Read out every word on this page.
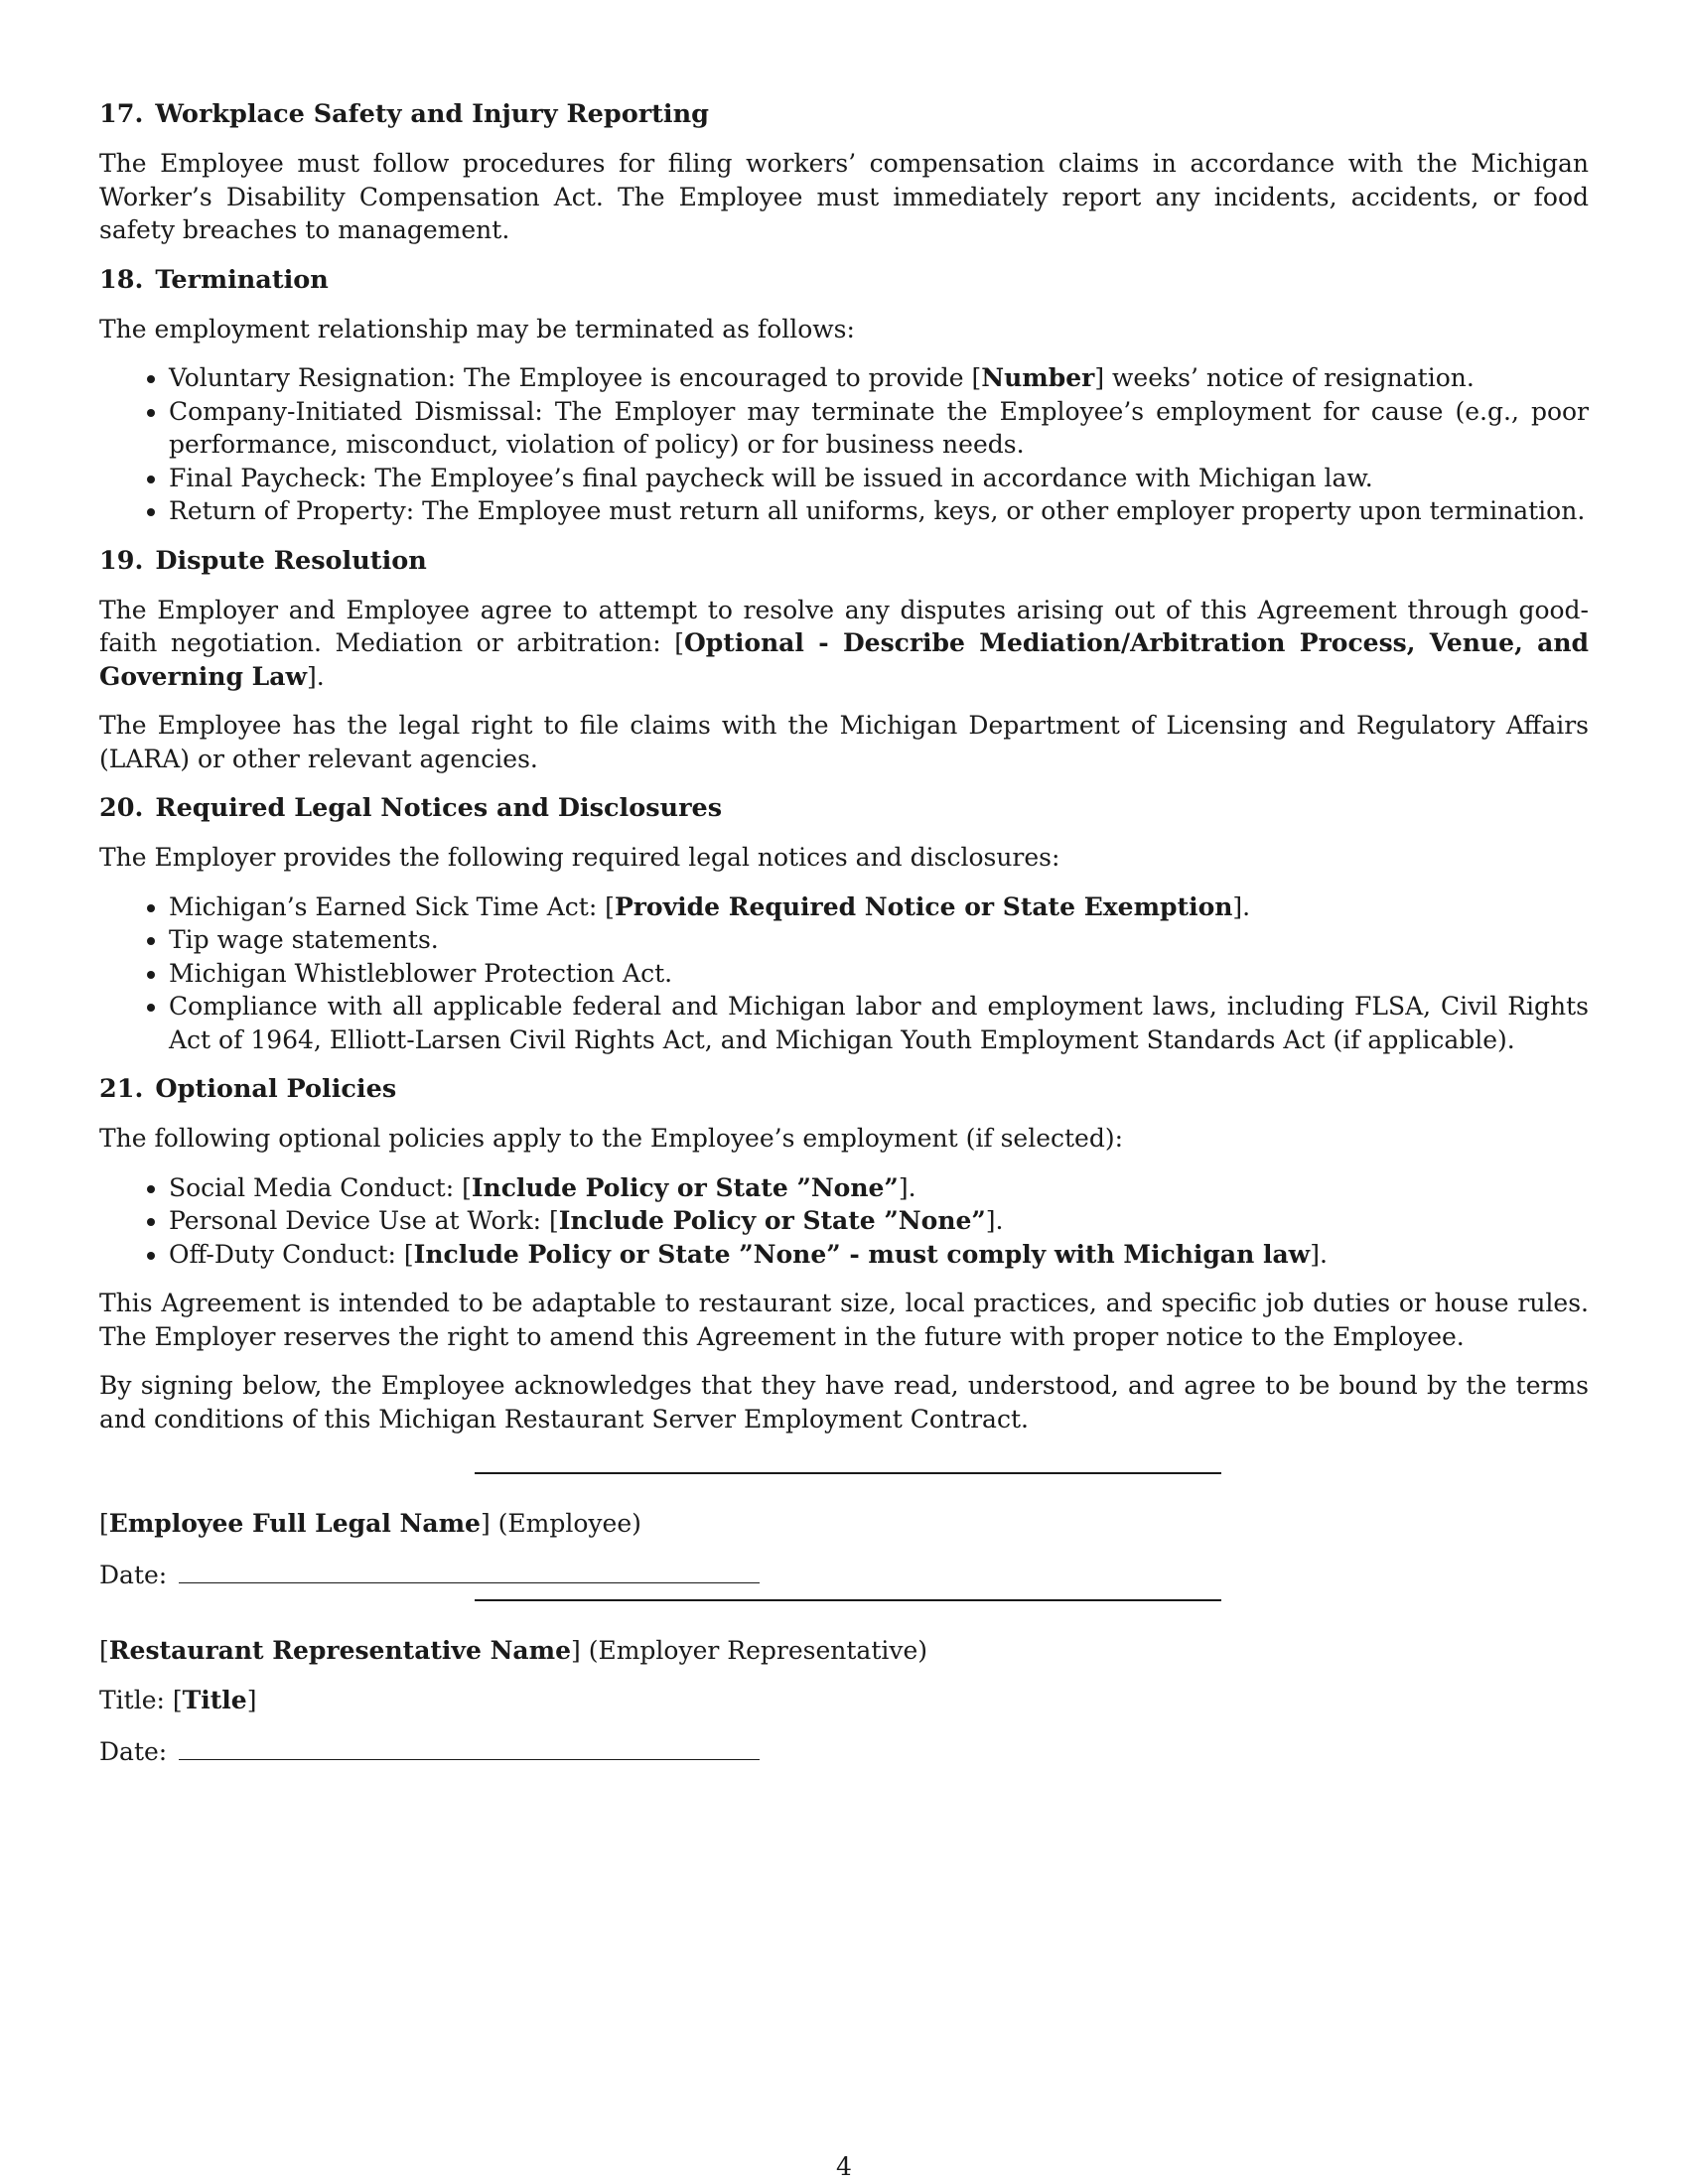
17. Workplace Safety and Injury Reporting

The Employee must follow procedures for filing workers’ compensation claims in accordance with the Michigan Worker’s Disability Compensation Act. The Employee must immediately report any incidents, accidents, or food safety breaches to management.

18. Termination

The employment relationship may be terminated as follows:

• Voluntary Resignation: The Employee is encouraged to provide [Number] weeks’ notice of resignation.
• Company-Initiated Dismissal: The Employer may terminate the Employee’s employment for cause (e.g., poor performance, misconduct, violation of policy) or for business needs.
• Final Paycheck: The Employee’s final paycheck will be issued in accordance with Michigan law.
• Return of Property: The Employee must return all uniforms, keys, or other employer property upon termination.
19. Dispute Resolution

The Employer and Employee agree to attempt to resolve any disputes arising out of this Agreement through good-faith negotiation. Mediation or arbitration: [Optional - Describe Mediation/Arbitration Process, Venue, and Governing Law].

The Employee has the legal right to file claims with the Michigan Department of Licensing and Regulatory Affairs (LARA) or other relevant agencies.

20. Required Legal Notices and Disclosures

The Employer provides the following required legal notices and disclosures:

• Michigan’s Earned Sick Time Act: [Provide Required Notice or State Exemption].
• Tip wage statements.
• Michigan Whistleblower Protection Act.
• Compliance with all applicable federal and Michigan labor and employment laws, including FLSA, Civil Rights Act of 1964, Elliott-Larsen Civil Rights Act, and Michigan Youth Employment Standards Act (if applicable).
21. Optional Policies

The following optional policies apply to the Employee’s employment (if selected):

• Social Media Conduct: [Include Policy or State ”None”].
• Personal Device Use at Work: [Include Policy or State ”None”].
• Off-Duty Conduct: [Include Policy or State ”None” - must comply with Michigan law].

This Agreement is intended to be adaptable to restaurant size, local practices, and specific job duties or house rules. The Employer reserves the right to amend this Agreement in the future with proper notice to the Employee.

By signing below, the Employee acknowledges that they have read, understood, and agree to be bound by the terms and conditions of this Michigan Restaurant Server Employment Contract.

[Employee Full Legal Name] (Employee)
Date:
[Restaurant Representative Name] (Employer Representative)
Title: [Title]
Date:
4
